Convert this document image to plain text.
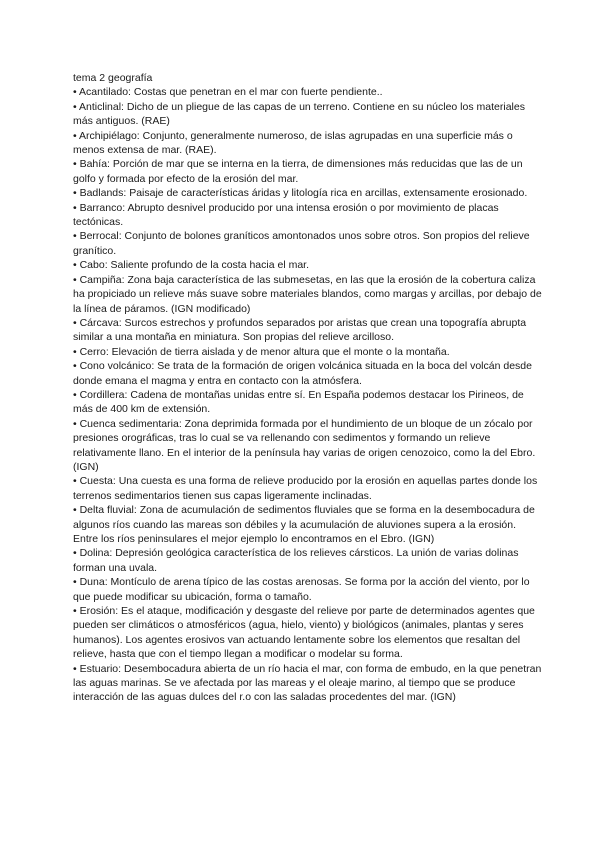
tema 2 geografía

• Acantilado: Costas que penetran en el mar con fuerte pendiente..

• Anticlinal: Dicho de un pliegue de las capas de un terreno. Contiene en su núcleo los materiales más antiguos. (RAE)

• Archipiélago: Conjunto, generalmente numeroso, de islas agrupadas en una superficie más o menos extensa de mar. (RAE).

• Bahía: Porción de mar que se interna en la tierra, de dimensiones más reducidas que las de un golfo y formada por efecto de la erosión del mar.

• Badlands: Paisaje de características áridas y litología rica en arcillas, extensamente erosionado.

• Barranco: Abrupto desnivel producido por una intensa erosión o por movimiento de placas tectónicas.

• Berrocal: Conjunto de bolones graníticos amontonados unos sobre otros. Son propios del relieve granítico.

• Cabo: Saliente profundo de la costa hacia el mar.

• Campiña: Zona baja característica de las submesetas, en las que la erosión de la cobertura caliza ha propiciado un relieve más suave sobre materiales blandos, como margas y arcillas, por debajo de la línea de páramos. (IGN modificado)

• Cárcava: Surcos estrechos y profundos separados por aristas que crean una topografía abrupta similar a una montaña en miniatura. Son propias del relieve arcilloso.

• Cerro: Elevación de tierra aislada y de menor altura que el monte o la montaña.

• Cono volcánico: Se trata de la formación de origen volcánica situada en la boca del volcán desde donde emana el magma y entra en contacto con la atmósfera.

• Cordillera: Cadena de montañas unidas entre sí. En España podemos destacar los Pirineos, de más de 400 km de extensión.

• Cuenca sedimentaria: Zona deprimida formada por el hundimiento de un bloque de un zócalo por presiones orográficas, tras lo cual se va rellenando con sedimentos y formando un relieve relativamente llano. En el interior de la península hay varias de origen cenozoico, como la del Ebro. (IGN)

• Cuesta: Una cuesta es una forma de relieve producido por la erosión en aquellas partes donde los terrenos sedimentarios tienen sus capas ligeramente inclinadas.

• Delta fluvial: Zona de acumulación de sedimentos fluviales que se forma en la desembocadura de algunos ríos cuando las mareas son débiles y la acumulación de aluviones supera a la erosión. Entre los ríos peninsulares el mejor ejemplo lo encontramos en el Ebro. (IGN)

• Dolina: Depresión geológica característica de los relieves cársticos. La unión de varias dolinas forman una uvala.

• Duna: Montículo de arena típico de las costas arenosas. Se forma por la acción del viento, por lo que puede modificar su ubicación, forma o tamaño.

• Erosión: Es el ataque, modificación y desgaste del relieve por parte de determinados agentes que pueden ser climáticos o atmosféricos (agua, hielo, viento) y biológicos (animales, plantas y seres humanos). Los agentes erosivos van actuando lentamente sobre los elementos que resaltan del relieve, hasta que con el tiempo llegan a modificar o modelar su forma.

• Estuario: Desembocadura abierta de un río hacia el mar, con forma de embudo, en la que penetran las aguas marinas. Se ve afectada por las mareas y el oleaje marino, al tiempo que se produce interacción de las aguas dulces del r.o con las saladas procedentes del mar. (IGN)
